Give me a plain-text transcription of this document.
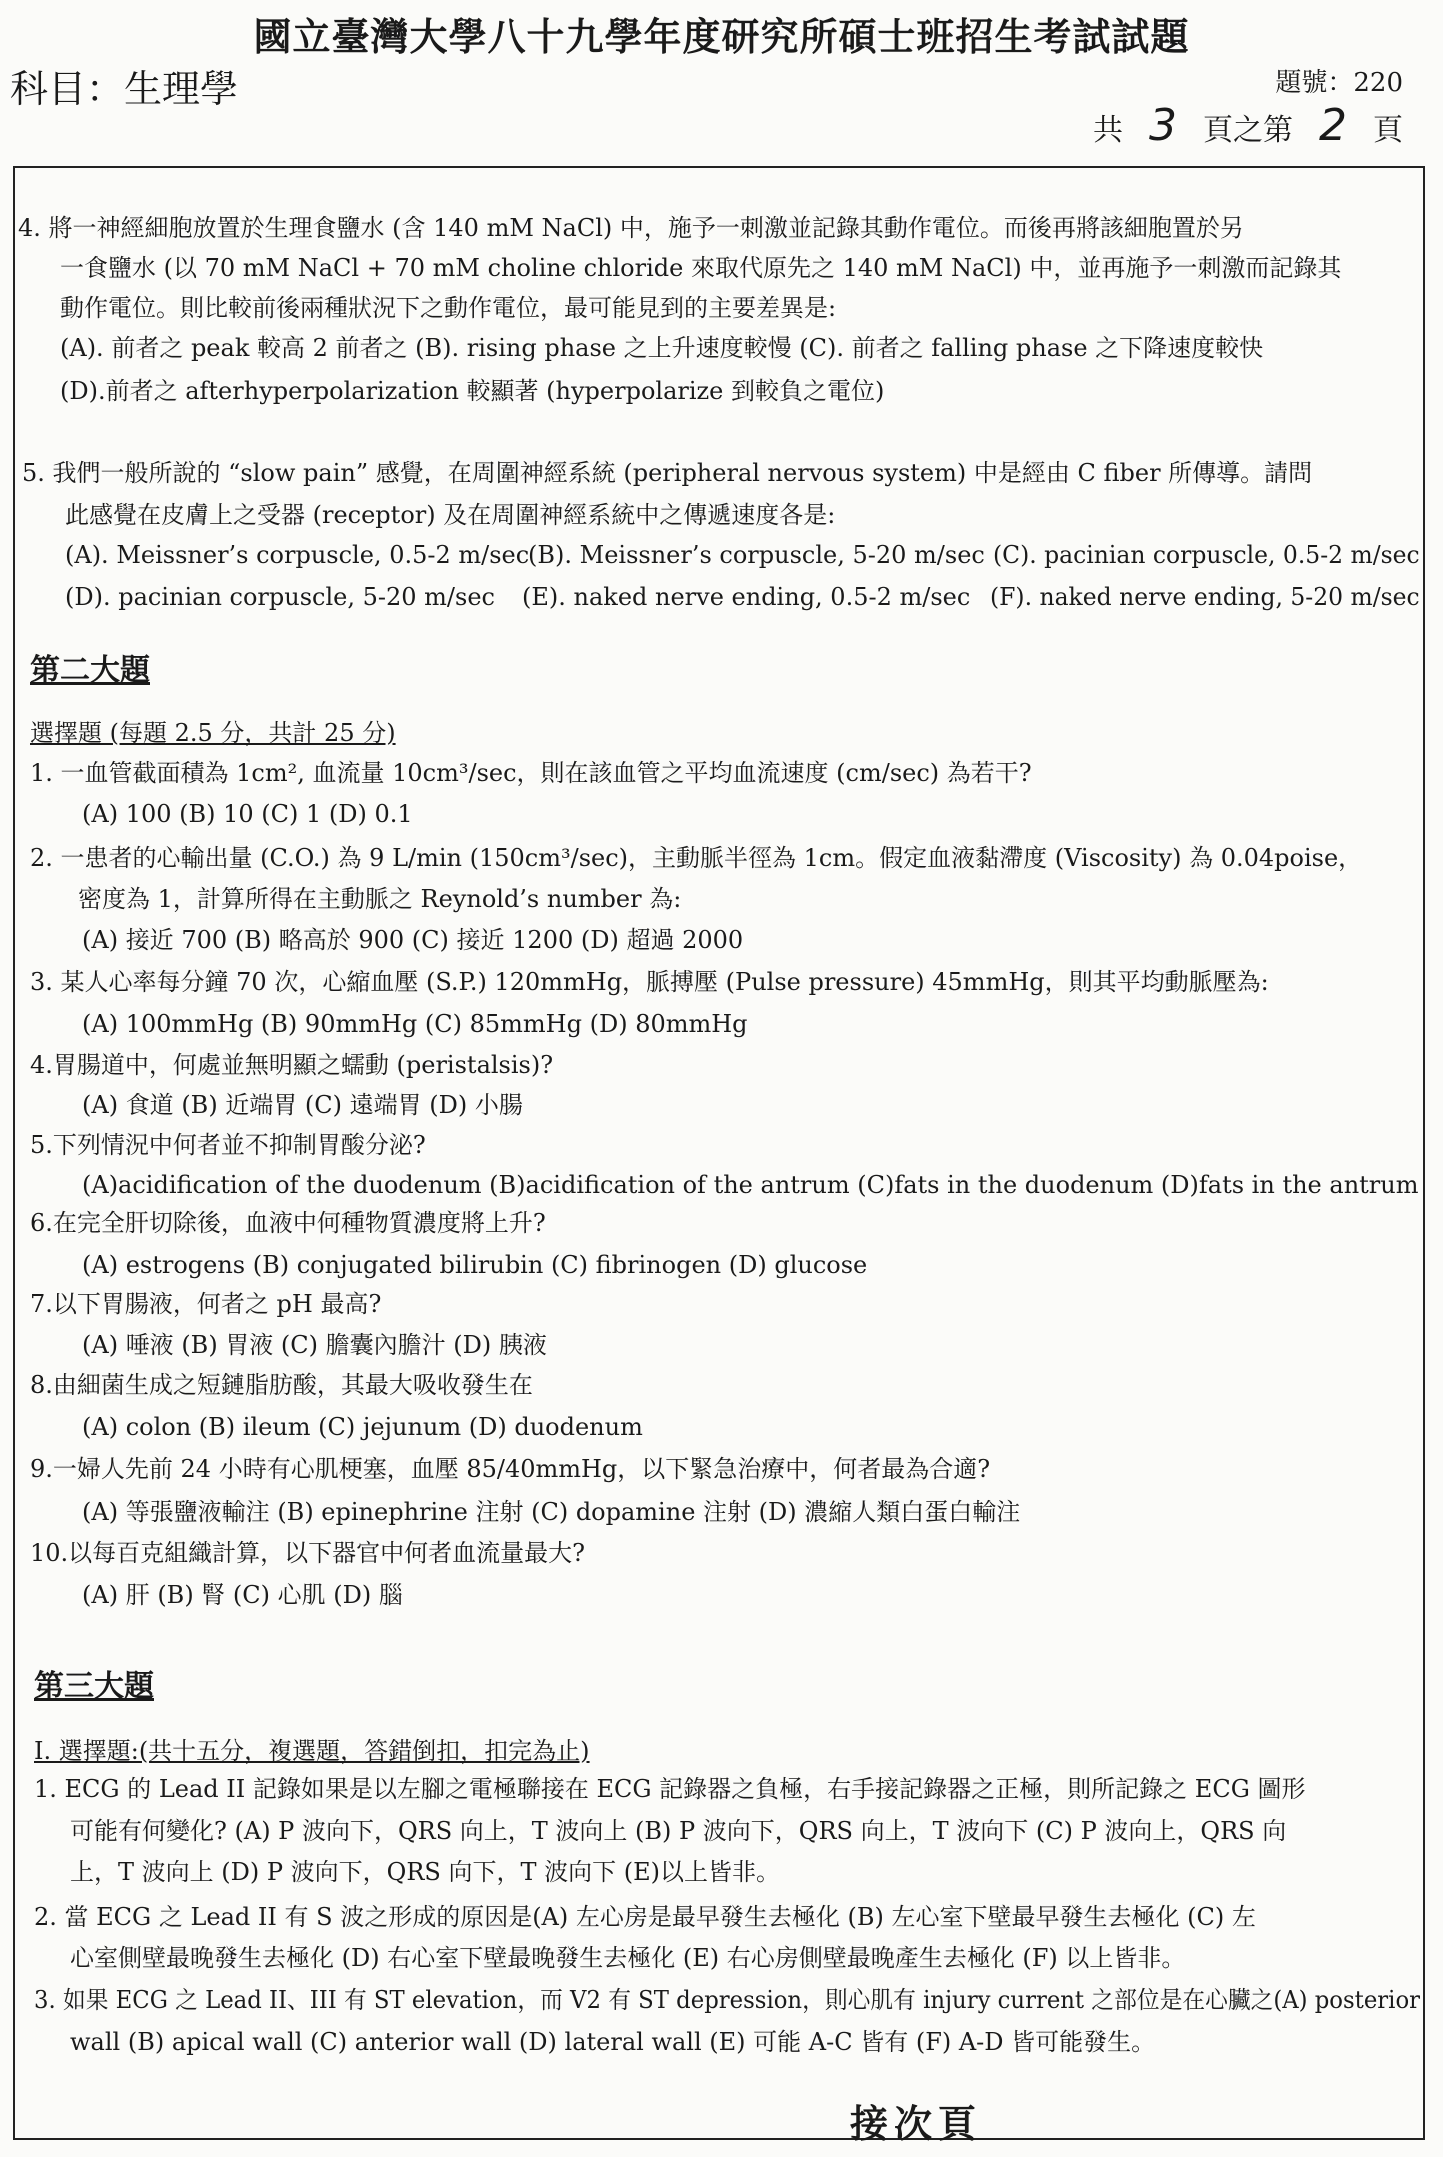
國立臺灣大學八十九學年度研究所碩士班招生考試試題
科目：生理學	題號：220
共 3 頁之第 2 頁
4. 將一神經細胞放置於生理食鹽水 (含 140 mM NaCl) 中，施予一刺激並記錄其動作電位。而後再將該細胞置於另
一食鹽水 (以 70 mM NaCl + 70 mM choline chloride 來取代原先之 140 mM NaCl) 中，並再施予一刺激而記錄其
動作電位。則比較前後兩種狀況下之動作電位，最可能見到的主要差異是:
(A). 前者之 peak 較高 2 前者之 (B). rising phase 之上升速度較慢 (C). 前者之 falling phase 之下降速度較快
(D).前者之 afterhyperpolarization 較顯著 (hyperpolarize 到較負之電位)
5. 我們一般所說的 “slow pain” 感覺，在周圍神經系統 (peripheral nervous system) 中是經由 C fiber 所傳導。請問
此感覺在皮膚上之受器 (receptor) 及在周圍神經系統中之傳遞速度各是:
(A). Meissner’s corpuscle, 0.5-2 m/sec
(B). Meissner’s corpuscle, 5-20 m/sec (C). pacinian corpuscle, 0.5-2 m/sec
(D). pacinian corpuscle, 5-20 m/sec (E). naked nerve ending, 0.5-2 m/sec (F). naked nerve ending, 5-20 m/sec
第二大題
選擇題 (每題 2.5 分，共計 25 分)
1. 一血管截面積為 1cm², 血流量 10cm³/sec，則在該血管之平均血流速度 (cm/sec) 為若干?
(A) 100 (B) 10 (C) 1 (D) 0.1
2. 一患者的心輸出量 (C.O.) 為 9 L/min (150cm³/sec)，主動脈半徑為 1cm。假定血液黏滯度 (Viscosity) 為 0.04poise，
密度為 1，計算所得在主動脈之 Reynold’s number 為:
(A) 接近 700 (B) 略高於 900 (C) 接近 1200 (D) 超過 2000
3. 某人心率每分鐘 70 次，心縮血壓 (S.P.) 120mmHg，脈搏壓 (Pulse pressure) 45mmHg，則其平均動脈壓為:
(A) 100mmHg (B) 90mmHg (C) 85mmHg (D) 80mmHg
4.胃腸道中，何處並無明顯之蠕動 (peristalsis)?
(A) 食道 (B) 近端胃 (C) 遠端胃 (D) 小腸
5.下列情況中何者並不抑制胃酸分泌?
(A)acidification of the duodenum (B)acidification of the antrum (C)fats in the duodenum (D)fats in the antrum
6.在完全肝切除後，血液中何種物質濃度將上升?
(A) estrogens (B) conjugated bilirubin (C) fibrinogen (D) glucose
7.以下胃腸液，何者之 pH 最高?
(A) 唾液 (B) 胃液 (C) 膽囊內膽汁 (D) 胰液
8.由細菌生成之短鏈脂肪酸，其最大吸收發生在
(A) colon (B) ileum (C) jejunum (D) duodenum
9.一婦人先前 24 小時有心肌梗塞，血壓 85/40mmHg，以下緊急治療中，何者最為合適?
(A) 等張鹽液輸注 (B) epinephrine 注射 (C) dopamine 注射 (D) 濃縮人類白蛋白輸注
10.以每百克組織計算，以下器官中何者血流量最大?
(A) 肝 (B) 腎 (C) 心肌 (D) 腦
第三大題
I. 選擇題:(共十五分，複選題，答錯倒扣，扣完為止)
1. ECG 的 Lead II 記錄如果是以左腳之電極聯接在 ECG 記錄器之負極，右手接記錄器之正極，則所記錄之 ECG 圖形
可能有何變化? (A) P 波向下，QRS 向上，T 波向上 (B) P 波向下，QRS 向上，T 波向下 (C) P 波向上，QRS 向
上，T 波向上 (D) P 波向下，QRS 向下，T 波向下 (E)以上皆非。
2. 當 ECG 之 Lead II 有 S 波之形成的原因是(A) 左心房是最早發生去極化 (B) 左心室下壁最早發生去極化 (C) 左
心室側壁最晚發生去極化 (D) 右心室下壁最晚發生去極化 (E) 右心房側壁最晚產生去極化 (F) 以上皆非。
3. 如果 ECG 之 Lead II、III 有 ST elevation，而 V2 有 ST depression，則心肌有 injury current 之部位是在心臟之(A) posterior
wall (B) apical wall (C) anterior wall (D) lateral wall (E) 可能 A-C 皆有 (F) A-D 皆可能發生。
接次頁
